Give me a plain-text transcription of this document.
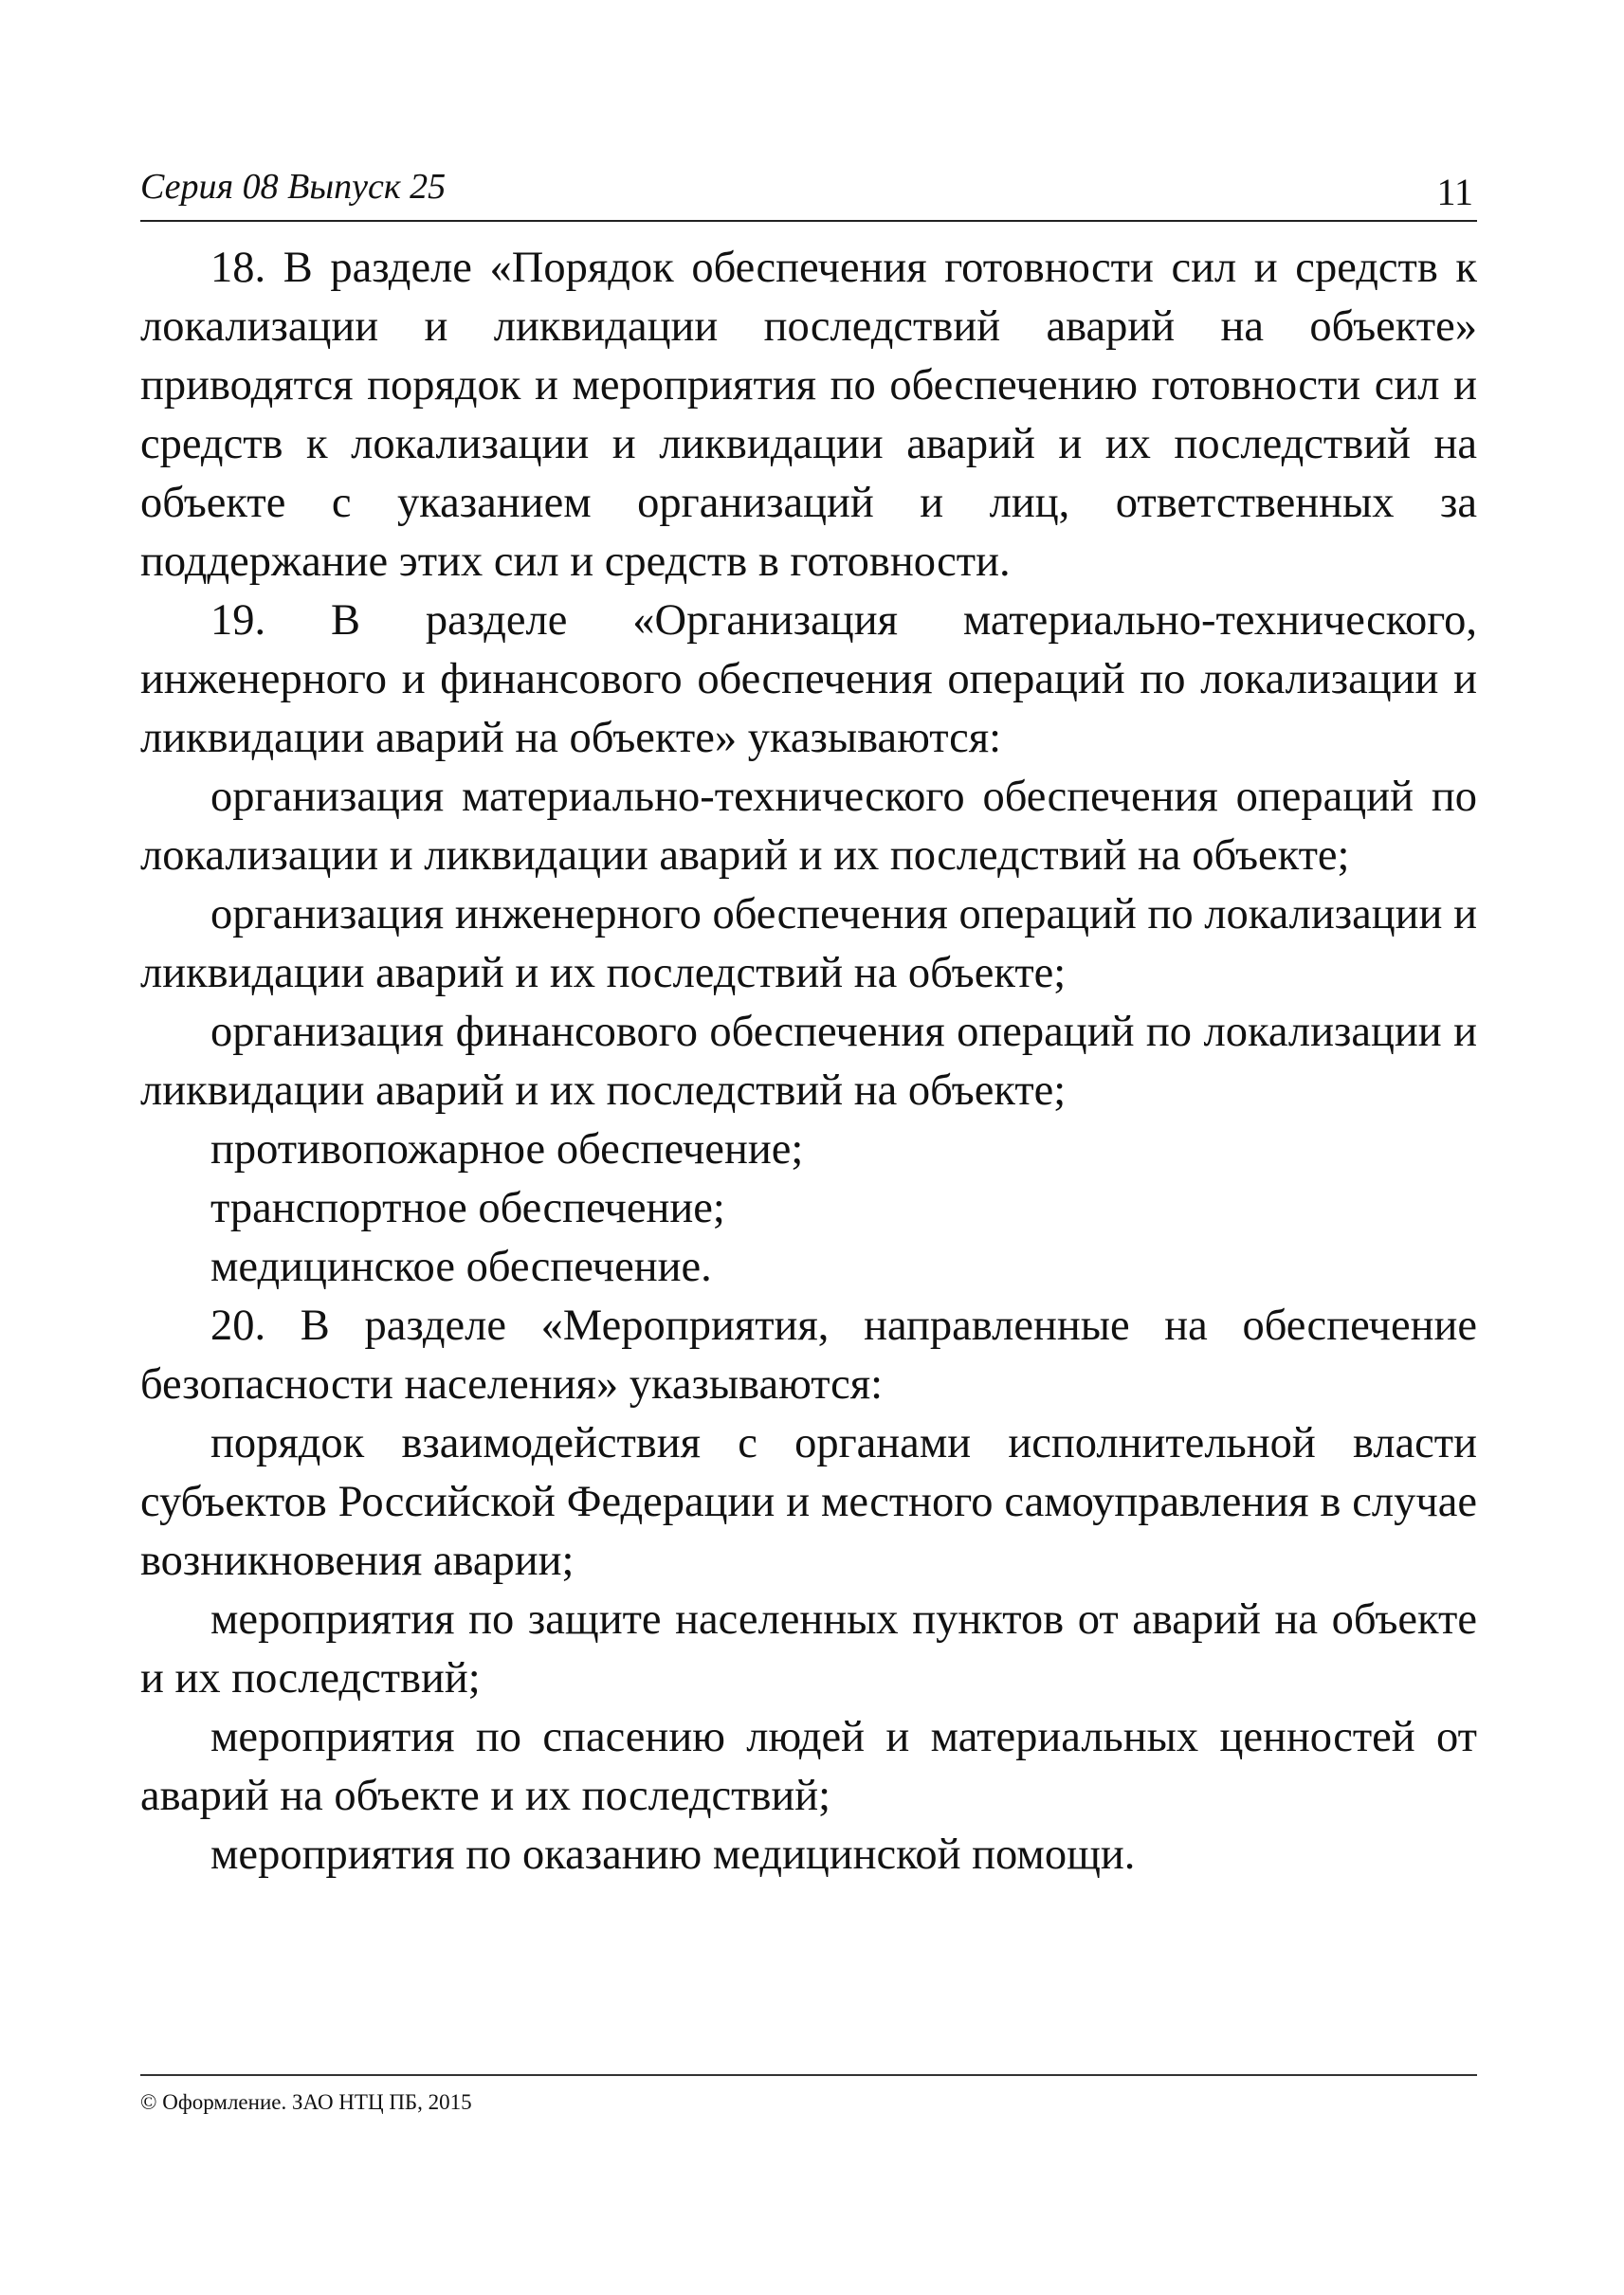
Серия 08 Выпуск 25	11

18. В разделе «Порядок обеспечения готовности сил и средств к локализации и ликвидации последствий аварий на объекте» приводятся порядок и мероприятия по обеспечению готовности сил и средств к локализации и ликвидации аварий и их последствий на объекте с указанием организаций и лиц, ответственных за поддержание этих сил и средств в готовности.

19. В разделе «Организация материально-технического, инженерного и финансового обеспечения операций по локализации и ликвидации аварий на объекте» указываются:

организация материально-технического обеспечения операций по локализации и ликвидации аварий и их последствий на объекте;

организация инженерного обеспечения операций по локализации и ликвидации аварий и их последствий на объекте;

организация финансового обеспечения операций по локализации и ликвидации аварий и их последствий на объекте;

противопожарное обеспечение;

транспортное обеспечение;

медицинское обеспечение.

20. В разделе «Мероприятия, направленные на обеспечение безопасности населения» указываются:

порядок взаимодействия с органами исполнительной власти субъектов Российской Федерации и местного самоуправления в случае возникновения аварии;

мероприятия по защите населенных пунктов от аварий на объекте и их последствий;

мероприятия по спасению людей и материальных ценностей от аварий на объекте и их последствий;

мероприятия по оказанию медицинской помощи.

© Оформление. ЗАО НТЦ ПБ, 2015
